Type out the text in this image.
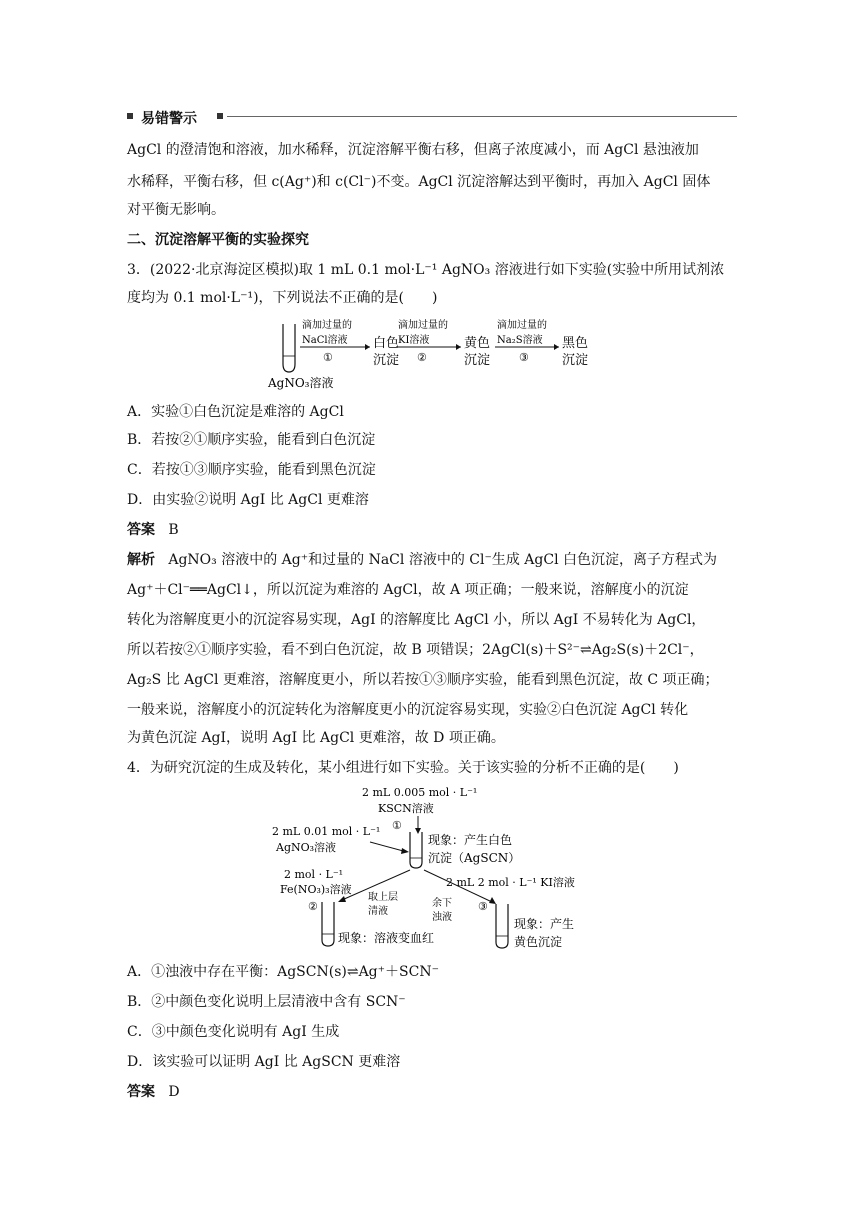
易错警示
AgCl 的澄清饱和溶液，加水稀释，沉淀溶解平衡右移，但离子浓度减小，而 AgCl 悬浊液加
水稀释，平衡右移，但 c(Ag⁺)和 c(Cl⁻)不变。AgCl 沉淀溶解达到平衡时，再加入 AgCl 固体
对平衡无影响。
二、沉淀溶解平衡的实验探究
3．(2022·北京海淀区模拟)取 1 mL 0.1 mol·L⁻¹ AgNO₃ 溶液进行如下实验(实验中所用试剂浓
度均为 0.1 mol·L⁻¹)，下列说法不正确的是(　　)
AgNO₃溶液
滴加过量的
NaCl溶液
①
白色
沉淀
滴加过量的
KI溶液
②
黄色
沉淀
滴加过量的
Na₂S溶液
③
黑色
沉淀
A．实验①白色沉淀是难溶的 AgCl
B．若按②①顺序实验，能看到白色沉淀
C．若按①③顺序实验，能看到黑色沉淀
D．由实验②说明 AgI 比 AgCl 更难溶
答案 B
解析 AgNO₃ 溶液中的 Ag⁺和过量的 NaCl 溶液中的 Cl⁻生成 AgCl 白色沉淀，离子方程式为
Ag⁺＋Cl⁻══AgCl↓，所以沉淀为难溶的 AgCl，故 A 项正确；一般来说，溶解度小的沉淀
转化为溶解度更小的沉淀容易实现，AgI 的溶解度比 AgCl 小，所以 AgI 不易转化为 AgCl，
所以若按②①顺序实验，看不到白色沉淀，故 B 项错误；2AgCl(s)＋S²⁻⇌Ag₂S(s)＋2Cl⁻，
Ag₂S 比 AgCl 更难溶，溶解度更小，所以若按①③顺序实验，能看到黑色沉淀，故 C 项正确；
一般来说，溶解度小的沉淀转化为溶解度更小的沉淀容易实现，实验②白色沉淀 AgCl 转化
为黄色沉淀 AgI，说明 AgI 比 AgCl 更难溶，故 D 项正确。
4．为研究沉淀的生成及转化，某小组进行如下实验。关于该实验的分析不正确的是(　　)
2 mL 0.005 mol · L⁻¹
KSCN溶液
①
2 mL 0.01 mol · L⁻¹
AgNO₃溶液
现象：产生白色
沉淀（AgSCN）
取上层
清液
2 mol · L⁻¹
Fe(NO₃)₃溶液
②
现象：溶液变血红
2 mL 2 mol · L⁻¹ KI溶液
余下
浊液
③
现象：产生
黄色沉淀
A．①浊液中存在平衡：AgSCN(s)⇌Ag⁺＋SCN⁻
B．②中颜色变化说明上层清液中含有 SCN⁻
C．③中颜色变化说明有 AgI 生成
D．该实验可以证明 AgI 比 AgSCN 更难溶
答案 D
